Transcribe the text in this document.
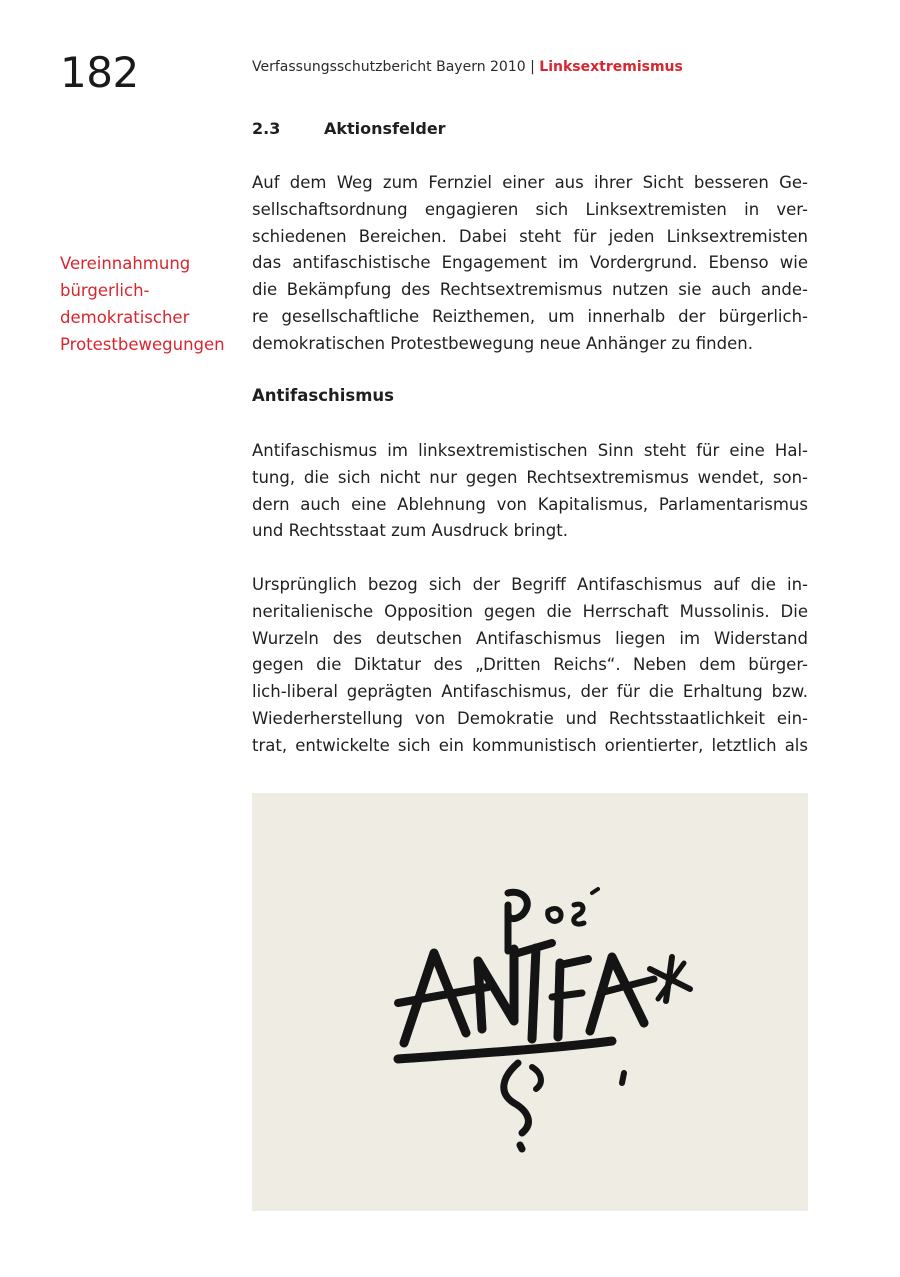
182	Verfassungsschutzbericht Bayern 2010 | Linksextremismus
2.3	Aktionsfelder
Vereinnahmung
bürgerlich-
demokratischer
Protestbewegungen

Auf dem Weg zum Fernziel einer aus ihrer Sicht besseren Ge-
sellschaftsordnung engagieren sich Linksextremisten in ver-
schiedenen Bereichen. Dabei steht für jeden Linksextremisten
das antifaschistische Engagement im Vordergrund. Ebenso wie
die Bekämpfung des Rechtsextremismus nutzen sie auch ande-
re gesellschaftliche Reizthemen, um innerhalb der bürgerlich-
demokratischen Protestbewegung neue Anhänger zu finden.

Antifaschismus

Antifaschismus im linksextremistischen Sinn steht für eine Hal-
tung, die sich nicht nur gegen Rechtsextremismus wendet, son-
dern auch eine Ablehnung von Kapitalismus, Parlamentarismus
und Rechtsstaat zum Ausdruck bringt.

Ursprünglich bezog sich der Begriff Antifaschismus auf die in-
neritalienische Opposition gegen die Herrschaft Mussolinis. Die
Wurzeln des deutschen Antifaschismus liegen im Widerstand
gegen die Diktatur des „Dritten Reichs“. Neben dem bürger-
lich-liberal geprägten Antifaschismus, der für die Erhaltung bzw.
Wiederherstellung von Demokratie und Rechtsstaatlichkeit ein-
trat, entwickelte sich ein kommunistisch orientierter, letztlich als
